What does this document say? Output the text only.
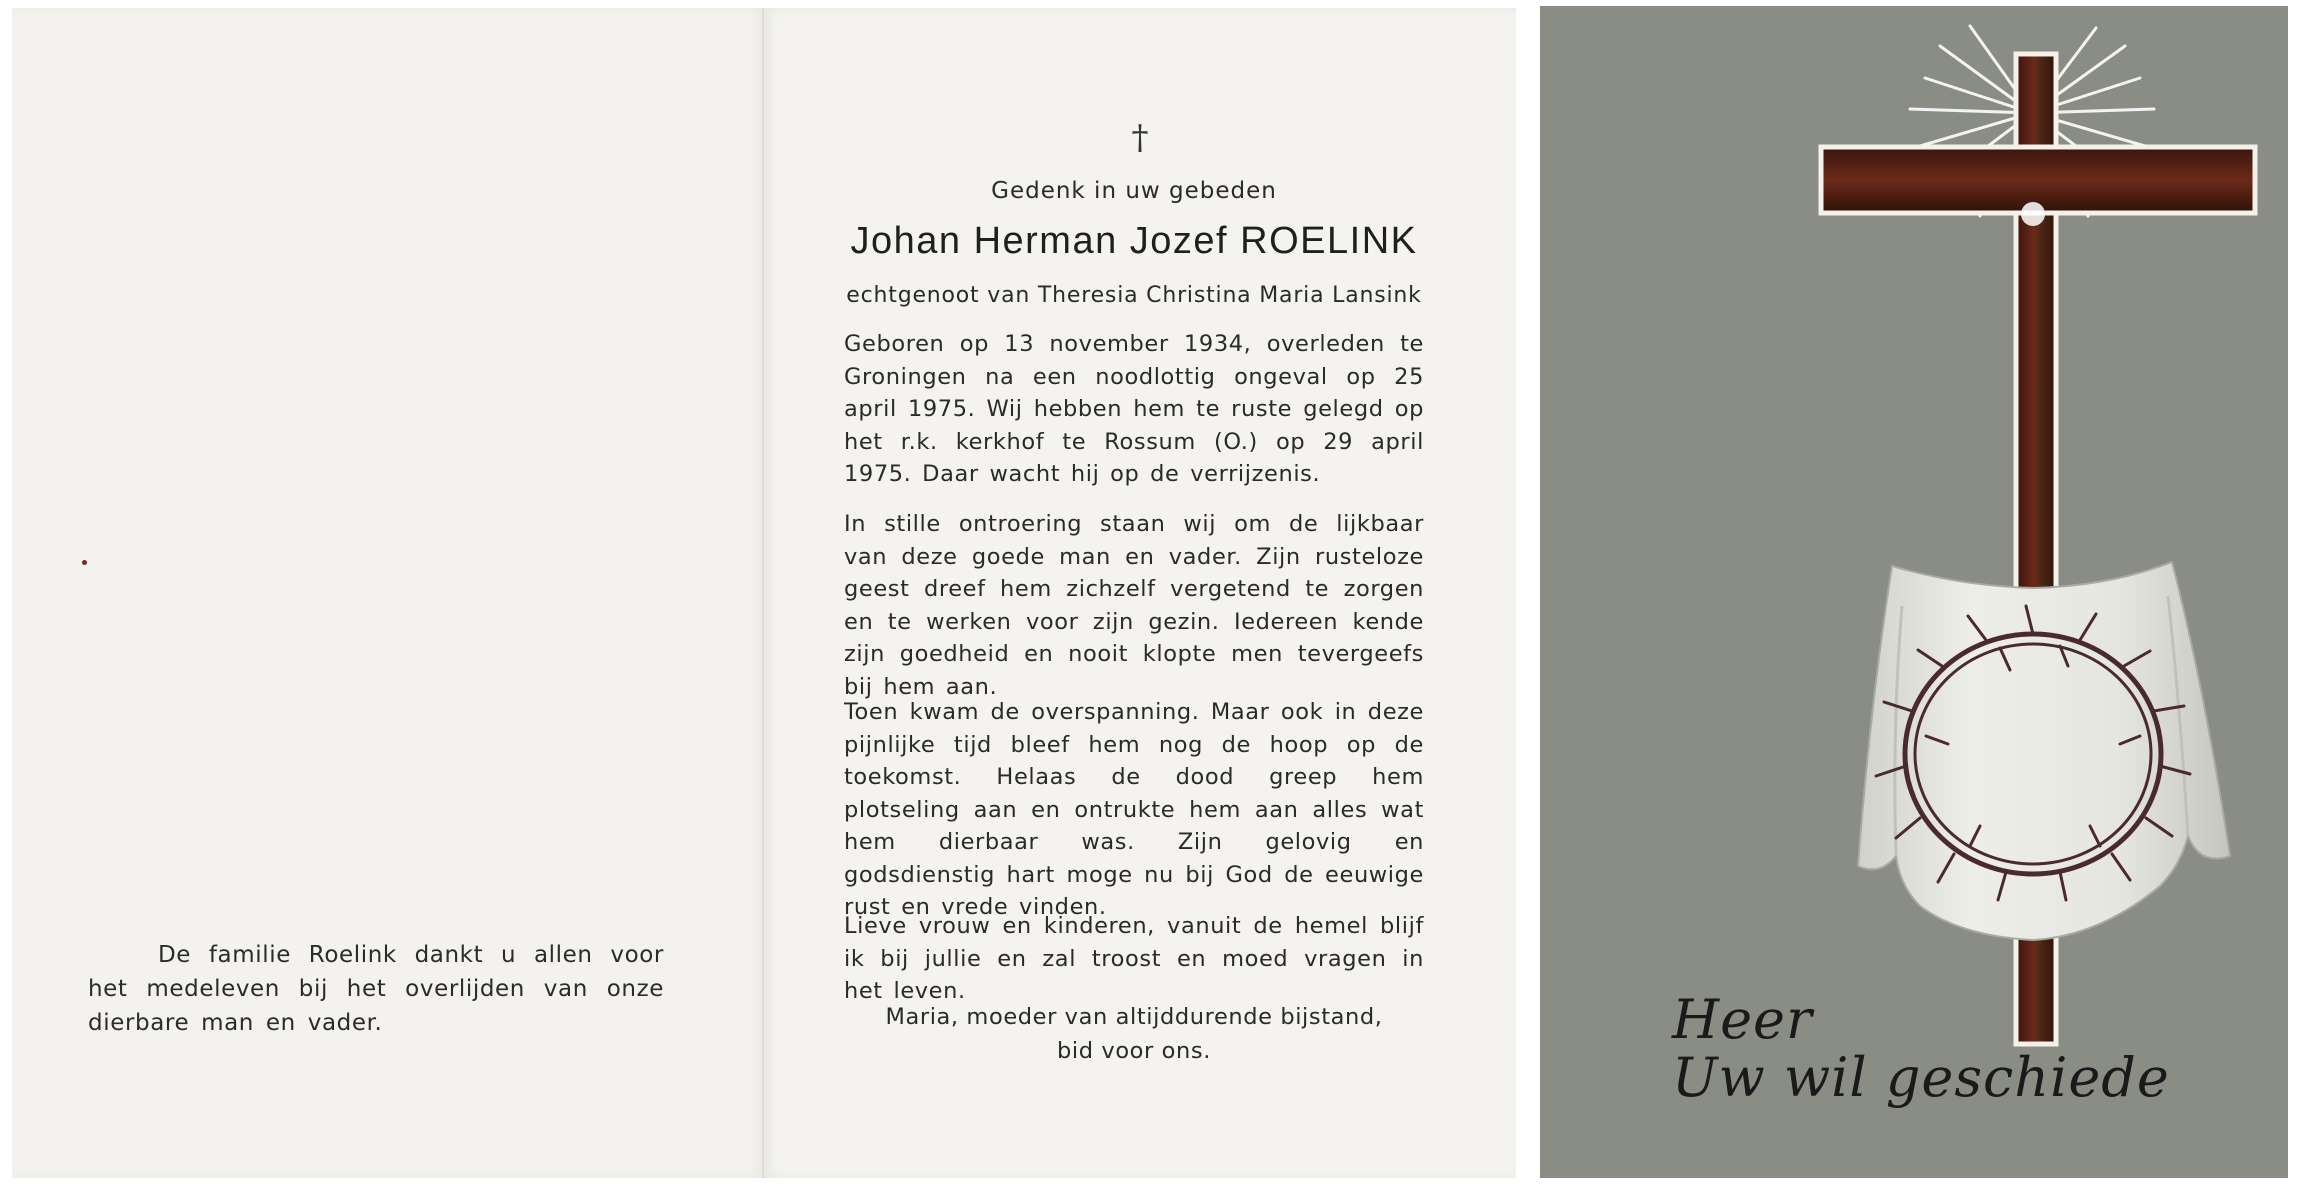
De familie Roelink dankt u allen voor het medeleven bij het overlijden van onze dierbare man en vader.

†

Gedenk in uw gebeden

Johan Herman Jozef ROELINK

echtgenoot van Theresia Christina Maria Lansink

Geboren op 13 november 1934, overleden te Groningen na een noodlottig ongeval op 25 april 1975. Wij hebben hem te ruste gelegd op het r.k. kerkhof te Rossum (O.) op 29 april 1975. Daar wacht hij op de verrijzenis.

In stille ontroering staan wij om de lijkbaar van deze goede man en vader. Zijn rusteloze geest dreef hem zichzelf vergetend te zorgen en te werken voor zijn gezin. Iedereen kende zijn goedheid en nooit klopte men tevergeefs bij hem aan.

Toen kwam de overspanning. Maar ook in deze pijnlijke tijd bleef hem nog de hoop op de toekomst. Helaas de dood greep hem plotseling aan en ontrukte hem aan alles wat hem dierbaar was. Zijn gelovig en godsdienstig hart moge nu bij God de eeuwige rust en vrede vinden.

Lieve vrouw en kinderen, vanuit de hemel blijf ik bij jullie en zal troost en moed vragen in het leven.

Maria, moeder van altijddurende bijstand,
bid voor ons.	Heer
Uw wil geschiede
